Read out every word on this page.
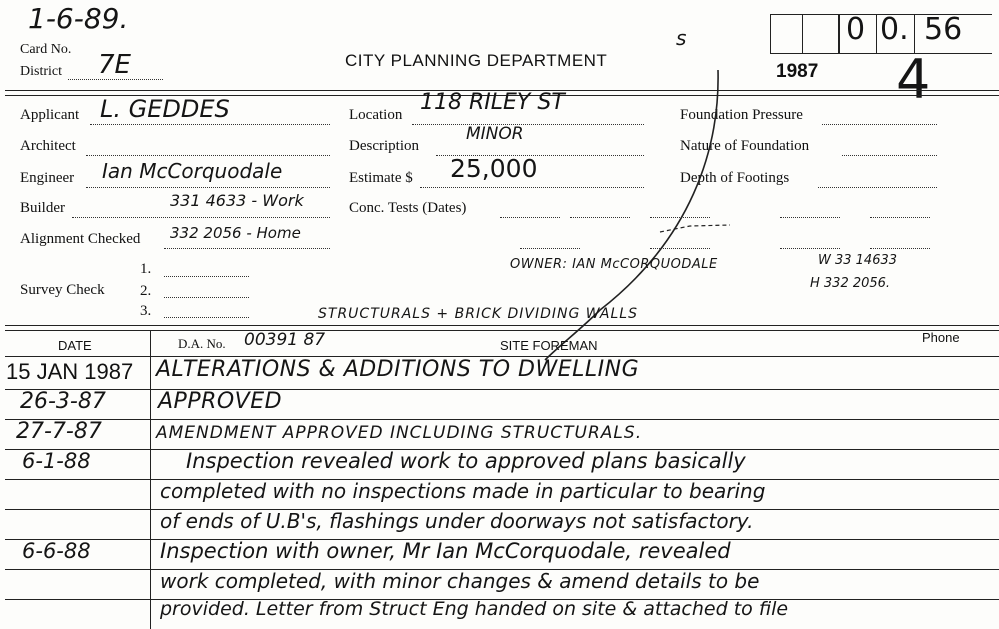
1-6-89.
Card No.
District 7E	CITY PLANNING DEPARTMENT
ꜱ	0 0. 56
1987 4
Applicant L. GEDDES
Architect
Engineer Ian McCorquodale
Builder	331 4633 - Work
Alignment Checked 332 2056 - Home
Survey Check
1.
2.
3.
Location 118 RILEY ST
Description
MINOR
Estimate $ 25,000
Conc. Tests (Dates)
Foundation Pressure
Nature of Foundation
Depth of Footings
OWNER: IAN McCORQUODALE	W 33 14633
H 332 2056.
STRUCTURALS + BRICK DIVIDING WALLS
DATE	D.A. No. 00391 87	SITE FOREMAN
Phone
15 JAN 1987 ALTERATIONS & ADDITIONS TO DWELLING
26-3-87 APPROVED
27-7-87	AMENDMENT APPROVED INCLUDING STRUCTURALS.
6-1-88	Inspection revealed work to approved plans basically
completed with no inspections made in particular to bearing
of ends of U.B's, flashings under doorways not satisfactory.
6-6-88	Inspection with owner, Mr Ian McCorquodale, revealed
work completed, with minor changes & amend details to be
provided. Letter from Struct Eng handed on site & attached to file
